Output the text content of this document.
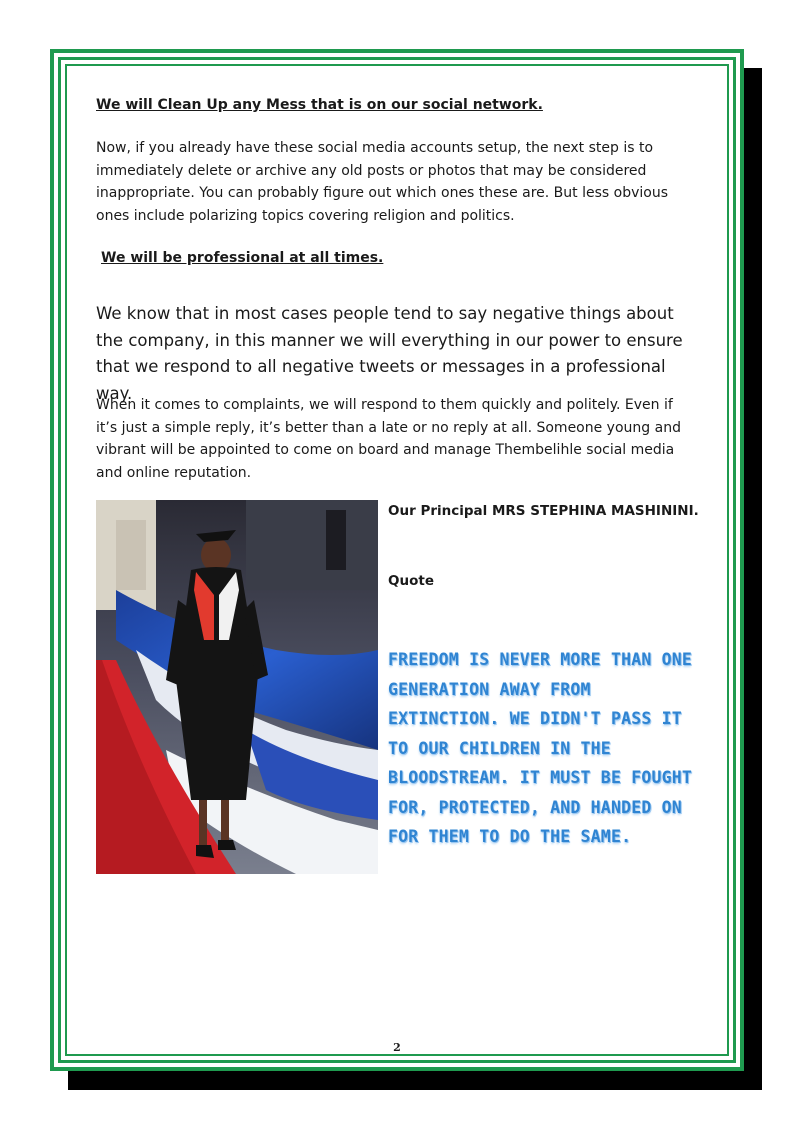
We will Clean Up any Mess that is on our social network.
Now, if you already have these social media accounts setup, the next step is to immediately delete or archive any old posts or photos that may be considered inappropriate. You can probably figure out which ones these are. But less obvious ones include polarizing topics covering religion and politics.
We will be professional at all times.
We know that in most cases people tend to say negative things about the company, in this manner we will everything in our power to ensure that we respond to all negative tweets or messages in a professional way.
When it comes to complaints, we will respond to them quickly and politely. Even if it’s just a simple reply, it’s better than a late or no reply at all. Someone young and vibrant will be appointed to come on board and manage Thembelihle social media and online reputation.
Our Principal MRS STEPHINA MASHININI.
Quote
FREEDOM IS NEVER MORE THAN ONE GENERATION AWAY FROM EXTINCTION. WE DIDN'T PASS IT TO OUR CHILDREN IN THE BLOODSTREAM. IT MUST BE FOUGHT FOR, PROTECTED, AND HANDED ON FOR THEM TO DO THE SAME.
2
